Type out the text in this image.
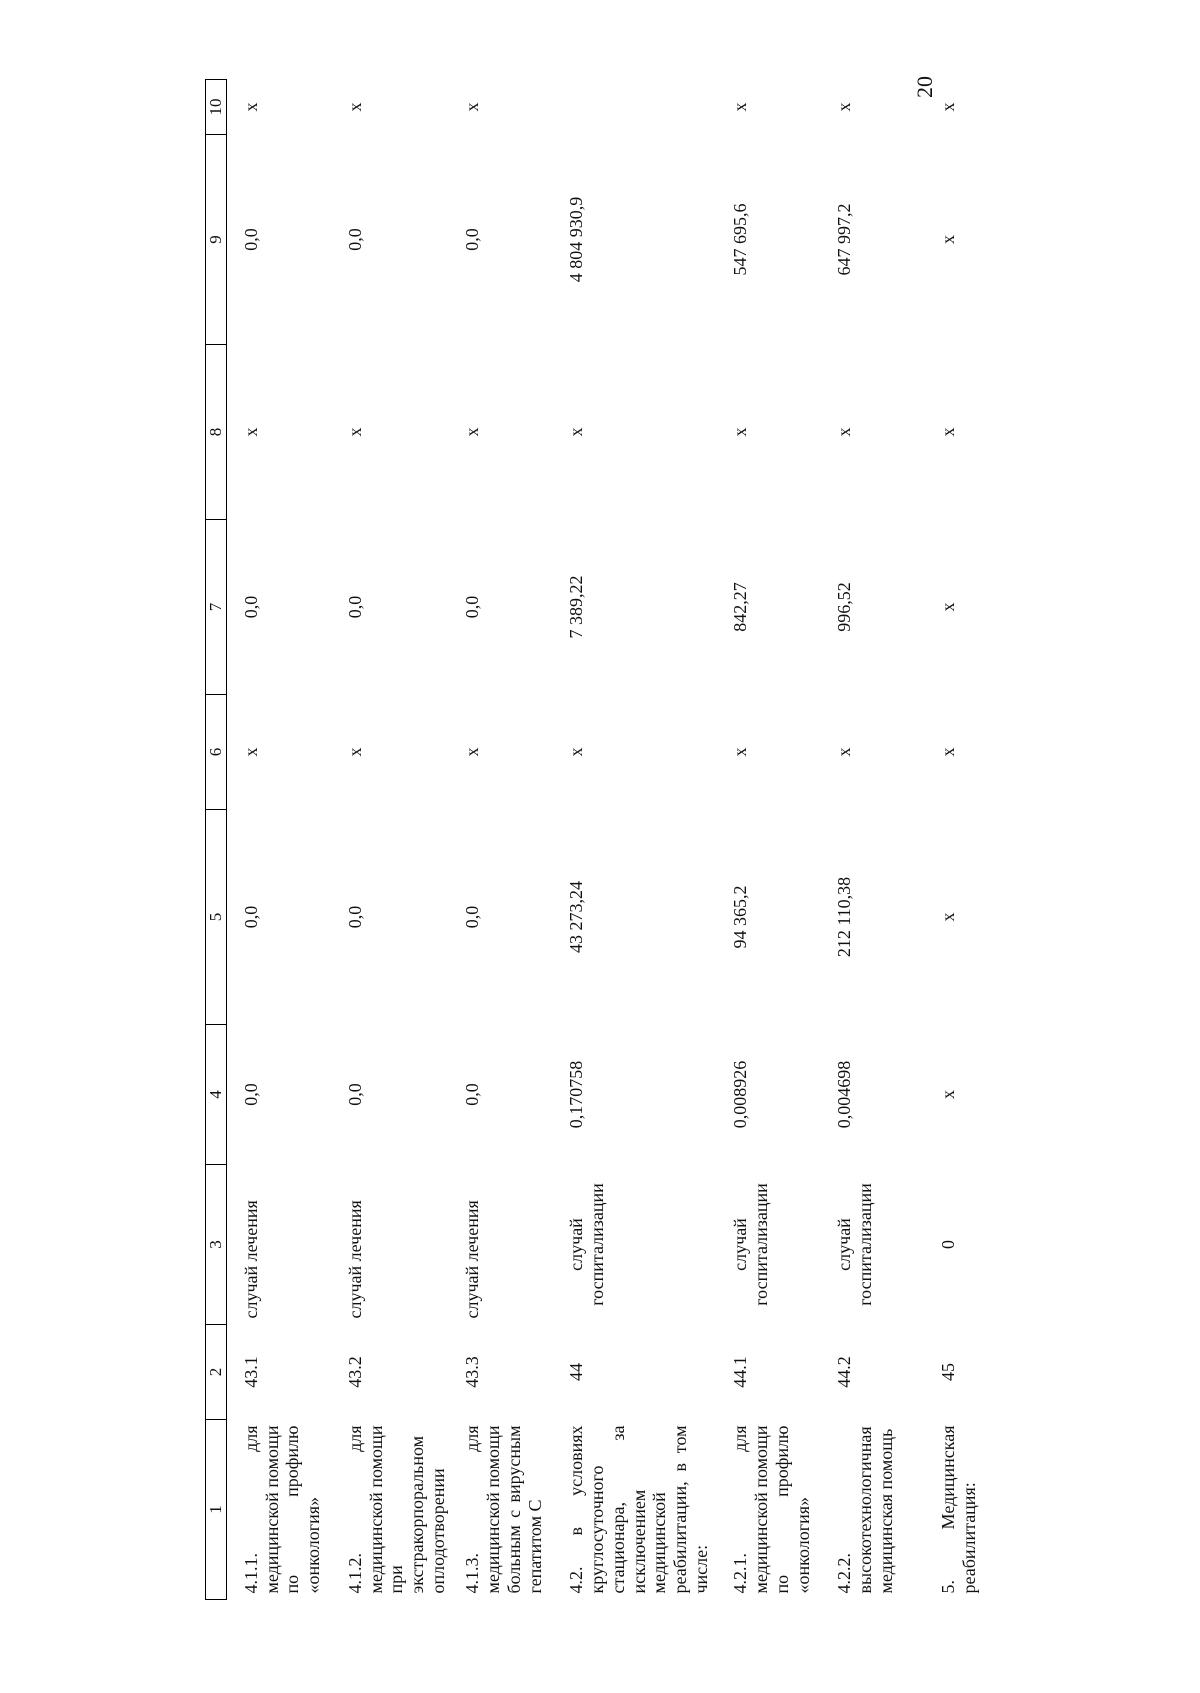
20
1	2	3	4	5	6	7	8	9	10
4.1.1. для медицинской помощи по профилю «онкология»	43.1	случай лечения	0,0	0,0	x	0,0	x	0,0	x
4.1.2. для медицинской помощи при экстракорпоральном оплодотворении	43.2	случай лечения	0,0	0,0	x	0,0	x	0,0	x
4.1.3. для медицинской помощи больным с вирусным гепатитом С	43.3	случай лечения	0,0	0,0	x	0,0	x	0,0	x
4.2. в условиях круглосуточного стационара, за исключением медицинской реабилитации, в том числе:	44	случай госпитализации	0,170758	43 273,24	x	7 389,22	x	4 804 930,9	
4.2.1. для медицинской помощи по профилю «онкология»	44.1	случай госпитализации	0,008926	94 365,2	x	842,27	x	547 695,6	x
4.2.2. высокотехнологичная медицинская помощь	44.2	случай госпитализации	0,004698	212 110,38	x	996,52	x	647 997,2	x
5. Медицинская реабилитация:	45	0	x	x	x	x	x	x	x
